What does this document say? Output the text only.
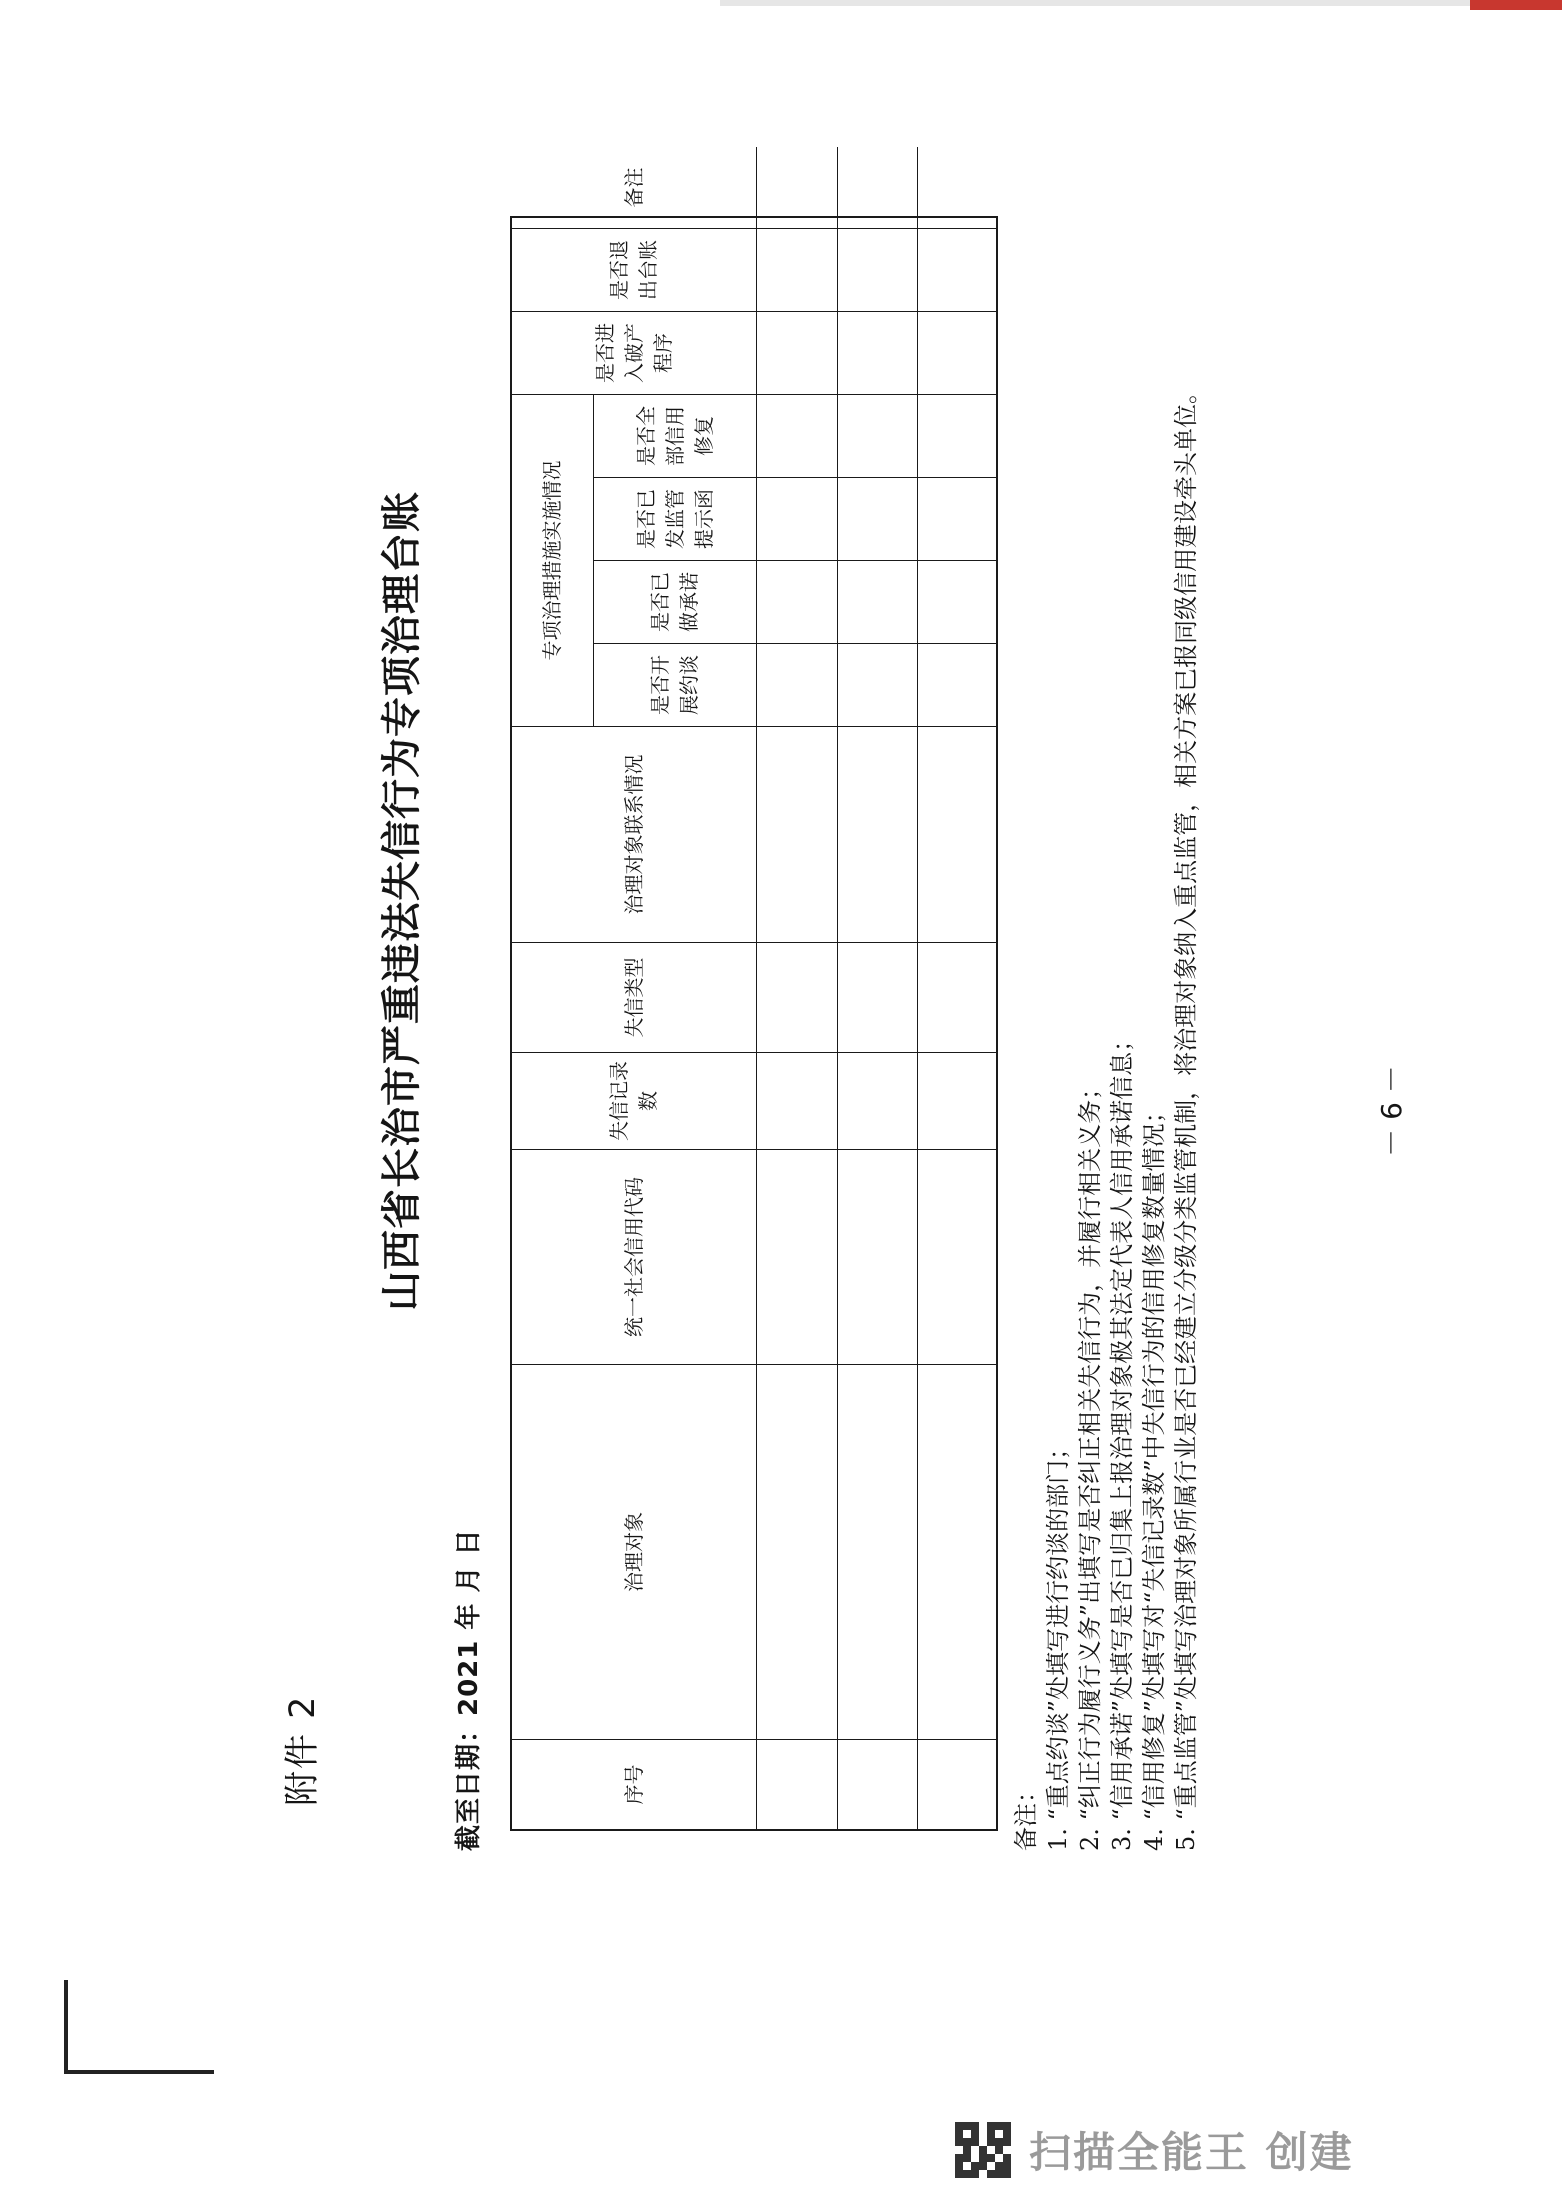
附件 2
山西省长治市严重违法失信行为专项治理台账
截至日期：2021 年 月 日	序号
治理对象
统一社会信用代码
失信记录数
失信类型
治理对象联系情况
专项治理措施实施情况
是否开展约谈
是否已做承诺
是否已发监管提示函
是否全部信用修复
是否进入破产程序
是否退出台账
备注

备注： 1. “重点约谈”处填写进行约谈的部门； 2. “纠正行为履行义务”出填写是否纠正相关失信行为，并履行相关义务； 3. “信用承诺”处填写是否已归集上报治理对象极其法定代表人信用承诺信息； 4. “信用修复”处填写对“失信记录数”中失信行为的信用修复数量情况； 5. “重点监管”处填写治理对象所属行业是否已经建立分级分类监管机制，将治理对象纳入重点监管，相关方案已报同级信用建设牵头单位。	－ 6 －
扫描全能王 创建
